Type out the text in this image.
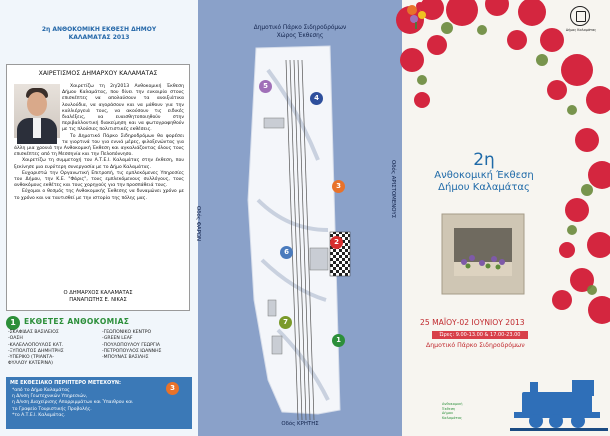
2η ΑΝΘΟΚΟΜΙΚΗ ΕΚΘΕΣΗ ΔΗΜΟΥ
ΚΑΛΑΜΑΤΑΣ 2013
ΧΑΙΡΕΤΙΣΜΟΣ ΔΗΜΑΡΧΟΥ ΚΑΛΑΜΑΤΑΣ

Χαιρετίζω τη 2η/2013 Ανθοκομική Έκθεση Δήμου Καλαμάτας, που δίνει την ευκαιρία στους επισκέπτες να απολαύσουν τα ανοιξιάτικα λουλούδια, να αγοράσουν και να μάθουν για την καλλιέργειά τους, να ακούσουν τις ειδικές διαλέξεις, να ευαισθητοποιηθούν στην περιβαλλοντική διακείμηση και να φωτογραφηθούν με τις πλούσιες πολιτιστικές εκθέσεις.

Το Δημοτικό Πάρκο Σιδηροδρόμων θα φορέσει τα γιορτινά του για εννιά μέρες, φιλοξενώντας για άλλη μια χρονιά την Ανθοκομική Έκθεση και αγκαλιάζοντας όλους τους επισκέπτες από τη Μεσσηνία και την Πελοπόννησο.

Χαιρετίζω τη συμμετοχή του Α.Τ.Ε.Ι. Καλαμάτας στην έκθεση, που ξεκίνησε μια ευρύτερη συνεργασία με το Δήμο Καλαμάτας.

Ευχαριστώ την Οργανωτική Επιτροπή, τις εμπλεκόμενες Υπηρεσίες του Δήμου, την Κ.Ε. "Φάρις", τους εμπλεκόμενους συλλόγους, τους ανθοκόμους εκθέτες και τους χορηγούς για την προσπάθειά τους.

Εύχομαι ο θεσμός της Ανθοκομικής Έκθεσης να δυναμώνει χρόνο με το χρόνο και να ταυτισθεί με την ιστορία της πόλης μας.

Ο ΔΗΜΑΡΧΟΣ ΚΑΛΑΜΑΤΑΣ
ΠΑΝΑΓΙΩΤΗΣ Ε. ΝΙΚΑΣ
1	ΕΚΘΕΤΕΣ ΑΝΘΟΚΟΜΙΑΣ
-ΣΚΑΦΙΔΑΣ ΒΑΣΙΛΕΙΟΣ
-ΟΑΣΗ
-ΚΑΛΕΛΛΟΠΟΥΛΟΣ ΚΑΤ.
-ΞΥΠΟΛΙΤΟΣ ΔΗΜΗΤΡΗΣ
-ΥΠΕΡΙΚΟ (ΤΡΙΑΝΤΑ-
ΦΥΛΛΟΥ ΚΑΤΕΡΙΝΑ)
-ΓΕΩΠΟΝΙΚΟ ΚΕΝΤΡΟ
-GREEN LEAF
-ΠΟΥΛΟΠΟΥΛΟΥ ΓΕΩΡΓΙΑ
-ΠΕΤΡΟΠΟΥΛΟΣ ΙΩΑΝΝΗΣ
-ΜΠΟΥΝΑΣ ΒΑΣΙΛΗΣ
ΜΕ ΕΚΘΕΣΙΑΚΟ ΠΕΡΙΠΤΕΡΟ ΜΕΤΕΧΟΥΝ:
3
*από το Δήμο Καλαμάτας
η Δ/νση Γεωτεχνικών Υπηρεσιών,
η Δ/νση Διαχείρισης Απορριμμάτων και Ύπαιθρου και
το Γραφείο Τουριστικής Προβολής.
*το Α.Τ.Ε.Ι. Καλαμάτας.
Δημοτικό Πάρκο Σιδηροδρόμων
Χώρος Έκθεσης
Οδός ΦΑΡΩΝ
Οδός ΑΡΙΣΤΟΜΕΝΟΥΣ
Οδός ΚΡΗΤΗΣ
5
4
3
2
6
7
1
Δήμος Καλαμάτας
2η
Ανθοκομική Έκθεση
Δήμου Καλαμάτας
25 ΜΑΪΟΥ-02 ΙΟΥΝΙΟΥ 2013
Ώρες: 9.00-13.00 & 17.00-23.00
Δημοτικό Πάρκο Σιδηροδρόμων
Ανθοκομική
Έκθεση
Δήμου
Καλαμάτας
